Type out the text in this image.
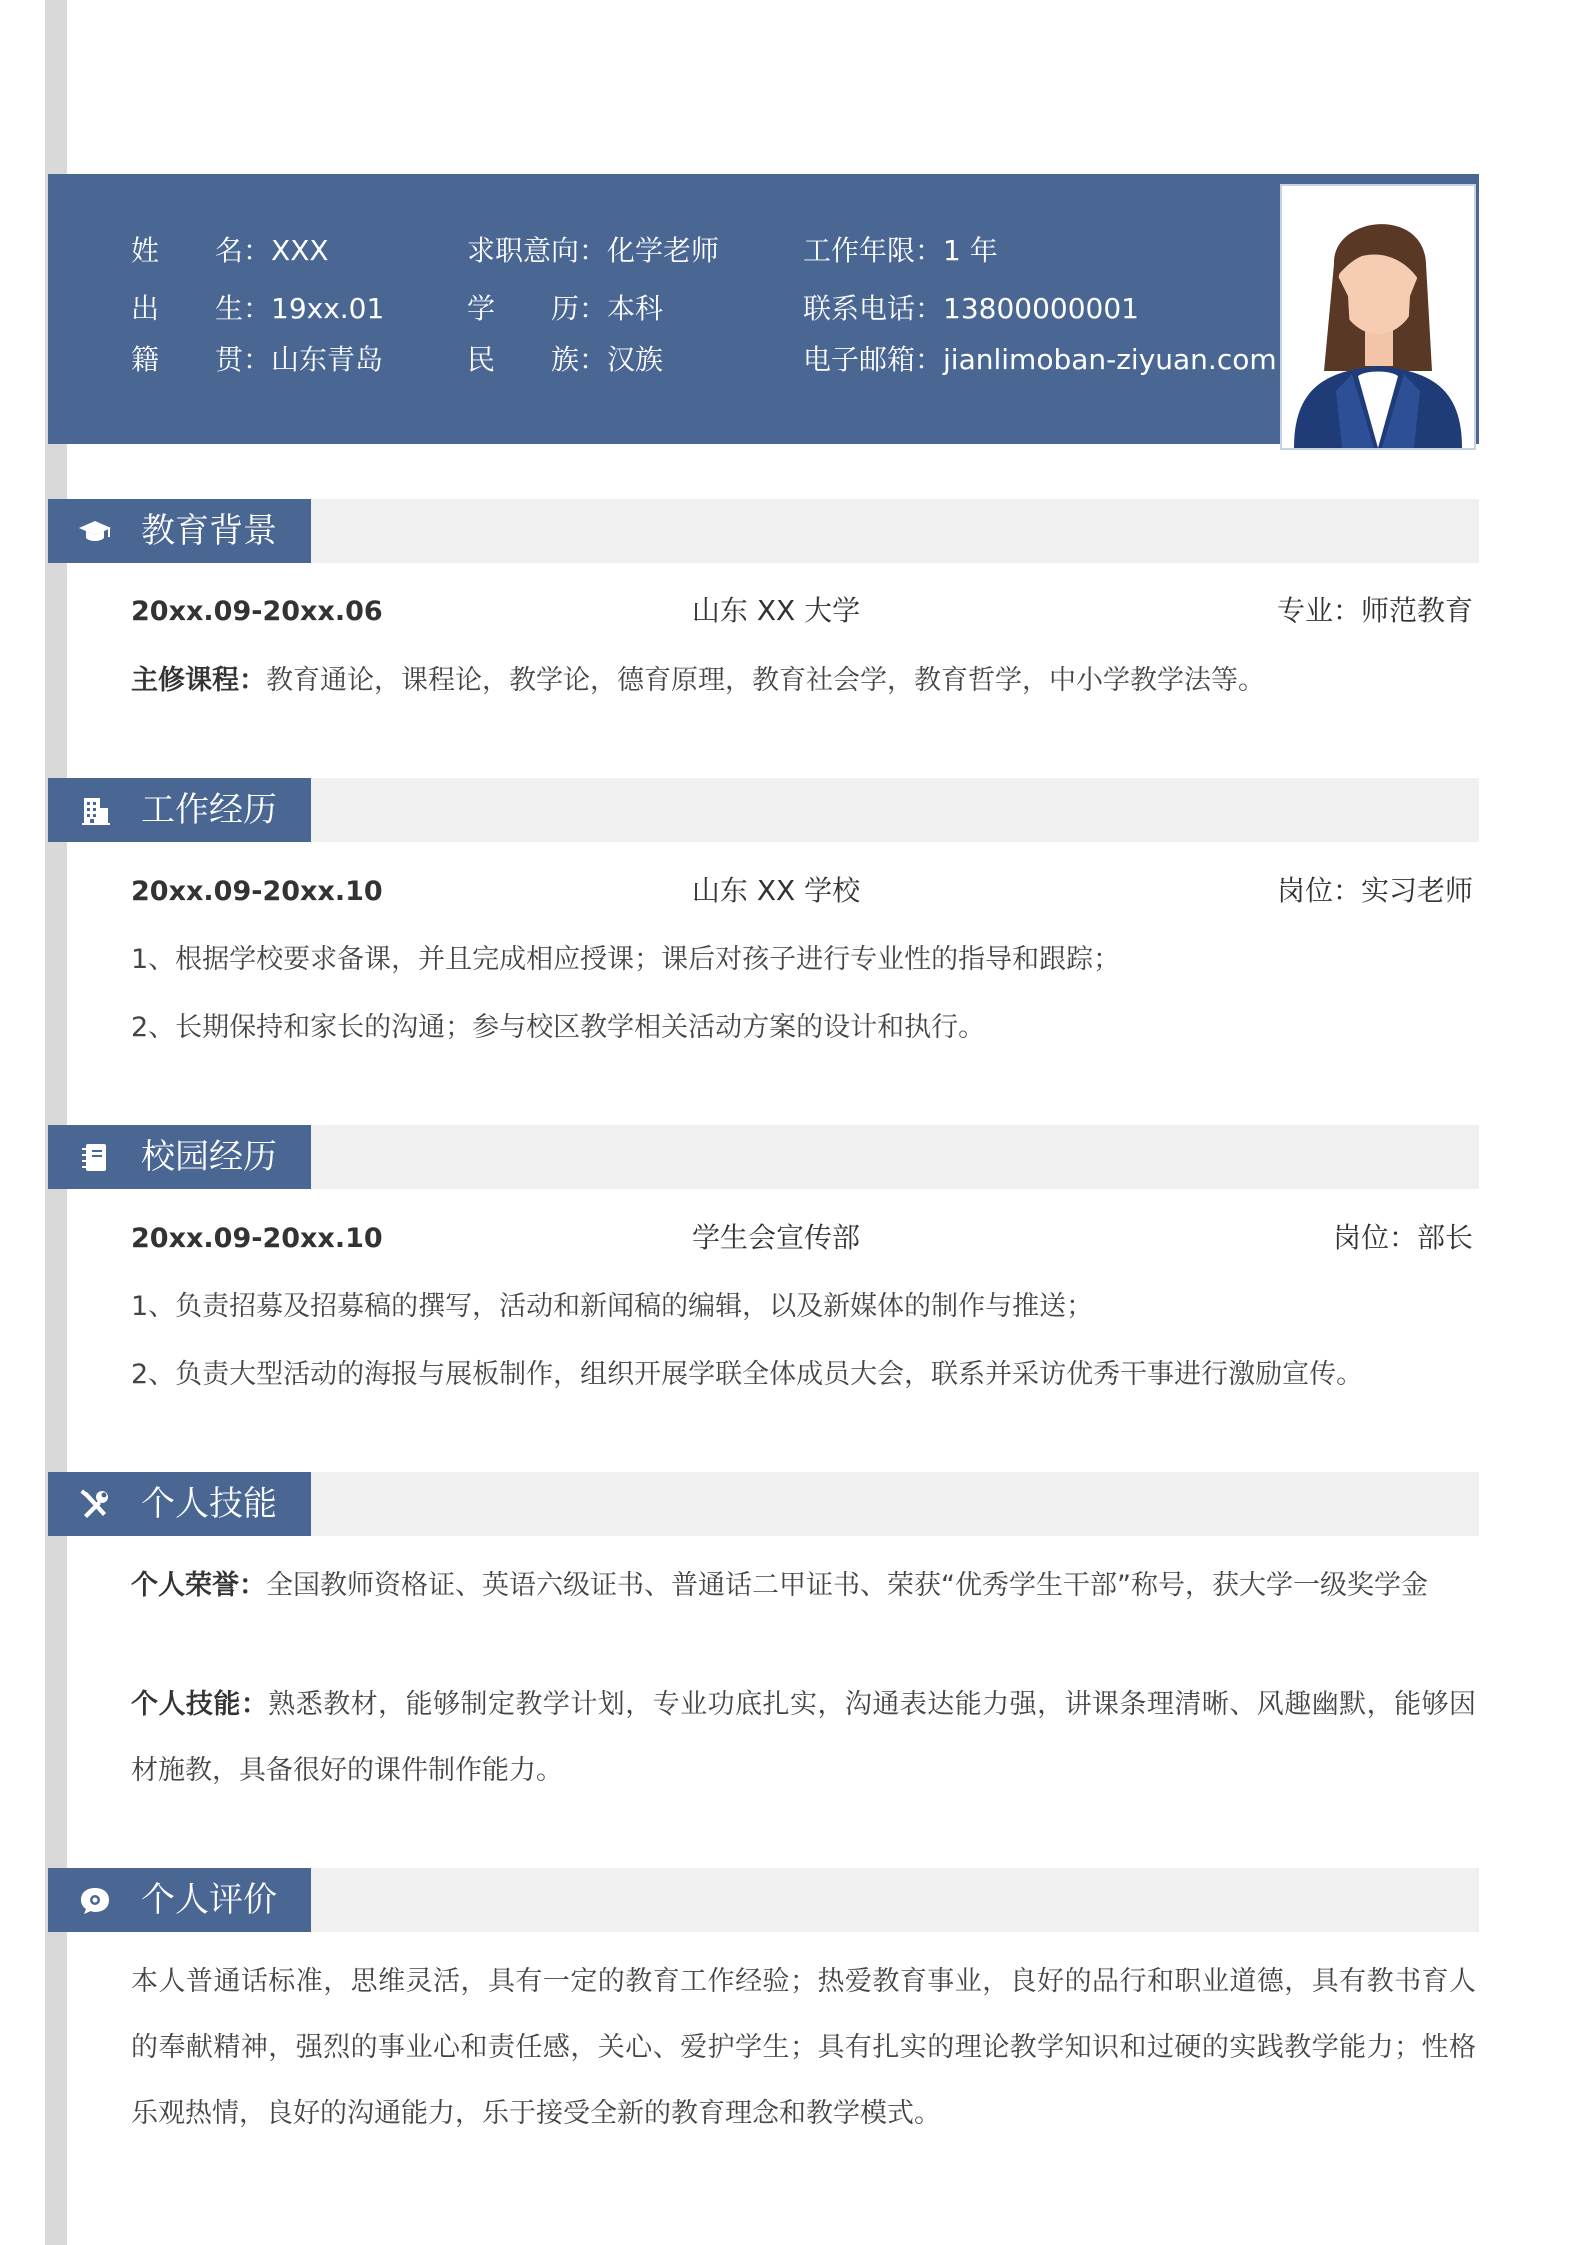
姓　　名：XXX	求职意向：化学老师	工作年限：1 年
出　　生：19xx.01	学　　历：本科	联系电话：13800000001
籍　　贯：山东青岛	民　　族：汉族	电子邮箱：jianlimoban-ziyuan.com
教育背景
20xx.09-20xx.06	山东 XX 大学	专业：师范教育
主修课程：教育通论，课程论，教学论，德育原理，教育社会学，教育哲学，中小学教学法等。
工作经历
20xx.09-20xx.10	山东 XX 学校	岗位：实习老师
1、根据学校要求备课，并且完成相应授课；课后对孩子进行专业性的指导和跟踪；
2、长期保持和家长的沟通；参与校区教学相关活动方案的设计和执行。
校园经历
20xx.09-20xx.10	学生会宣传部	岗位：部长
1、负责招募及招募稿的撰写，活动和新闻稿的编辑，以及新媒体的制作与推送；
2、负责大型活动的海报与展板制作，组织开展学联全体成员大会，联系并采访优秀干事进行激励宣传。
个人技能
个人荣誉：全国教师资格证、英语六级证书、普通话二甲证书、荣获“优秀学生干部”称号，获大学一级奖学金
个人技能：熟悉教材，能够制定教学计划，专业功底扎实，沟通表达能力强，讲课条理清晰、风趣幽默，能够因材施教，具备很好的课件制作能力。
个人评价
本人普通话标准，思维灵活，具有一定的教育工作经验；热爱教育事业，良好的品行和职业道德，具有教书育人的奉献精神，强烈的事业心和责任感，关心、爱护学生；具有扎实的理论教学知识和过硬的实践教学能力；性格乐观热情，良好的沟通能力，乐于接受全新的教育理念和教学模式。
